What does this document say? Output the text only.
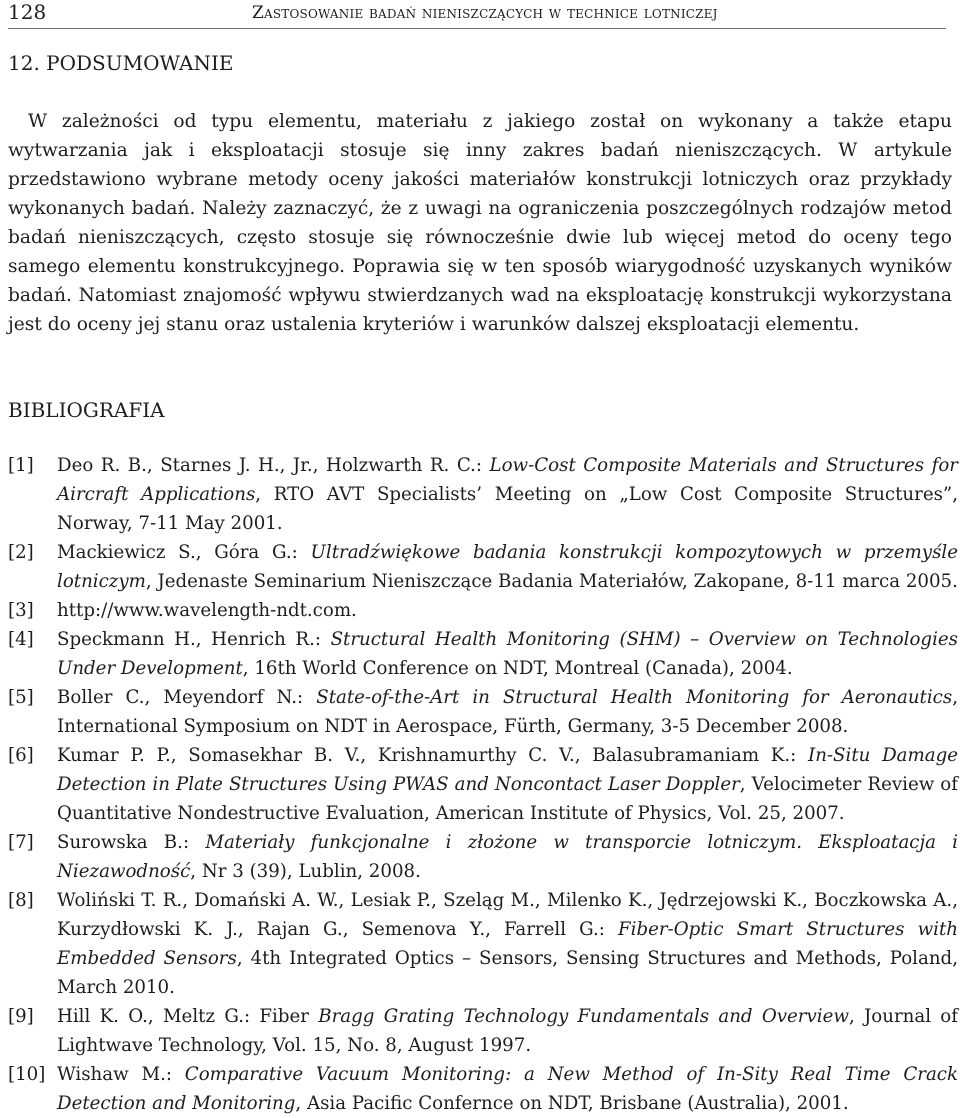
128	Zastosowanie badań nieniszczących w technice lotniczej
12. PODSUMOWANIE

W zależności od typu elementu, materiału z jakiego został on wykonany a także etapu wytwarzania jak i eksploatacji stosuje się inny zakres badań nieniszczących. W artykule przedstawiono wybrane metody oceny jakości materiałów konstrukcji lotniczych oraz przykłady wykonanych badań. Należy zaznaczyć, że z uwagi na ograniczenia poszczególnych rodzajów metod badań nieniszczących, często stosuje się równocześnie dwie lub więcej metod do oceny tego samego elementu konstrukcyjnego. Poprawia się w ten sposób wiarygodność uzyskanych wyników badań. Natomiast znajomość wpływu stwierdzanych wad na eksploatację konstrukcji wykorzystana jest do oceny jej stanu oraz ustalenia kryteriów i warunków dalszej eksploatacji elementu.

BIBLIOGRAFIA
[1] Deo R. B., Starnes J. H., Jr., Holzwarth R. C.: Low-Cost Composite Materials and Structures for Aircraft Applications, RTO AVT Specialists’ Meeting on „Low Cost Composite Structures”, Norway, 7-11 May 2001.
[2] Mackiewicz S., Góra G.: Ultradźwiękowe badania konstrukcji kompozytowych w przemyśle lotniczym, Jedenaste Seminarium Nieniszczące Badania Materiałów, Zakopane, 8-11 marca 2005.
[3] http://www.wavelength-ndt.com.
[4] Speckmann H., Henrich R.: Structural Health Monitoring (SHM) – Overview on Technologies Under Development, 16th World Conference on NDT, Montreal (Canada), 2004.
[5] Boller C., Meyendorf N.: State-of-the-Art in Structural Health Monitoring for Aeronautics, International Symposium on NDT in Aerospace, Fürth, Germany, 3-5 December 2008.
[6] Kumar P. P., Somasekhar B. V., Krishnamurthy C. V., Balasubramaniam K.: In-Situ Damage Detection in Plate Structures Using PWAS and Noncontact Laser Doppler, Velocimeter Review of Quantitative Nondestructive Evaluation, American Institute of Physics, Vol. 25, 2007.
[7] Surowska B.: Materiały funkcjonalne i złożone w transporcie lotniczym. Eksploatacja i Niezawodność, Nr 3 (39), Lublin, 2008.
[8] Woliński T. R., Domański A. W., Lesiak P., Szeląg M., Milenko K., Jędrzejowski K., Boczkowska A., Kurzydłowski K. J., Rajan G., Semenova Y., Farrell G.: Fiber-Optic Smart Structures with Embedded Sensors, 4th Integrated Optics – Sensors, Sensing Structures and Methods, Poland, March 2010.
[9] Hill K. O., Meltz G.: Fiber Bragg Grating Technology Fundamentals and Overview, Journal of Lightwave Technology, Vol. 15, No. 8, August 1997.
[10] Wishaw M.: Comparative Vacuum Monitoring: a New Method of In-Sity Real Time Crack Detection and Monitoring, Asia Pacific Confernce on NDT, Brisbane (Australia), 2001.
